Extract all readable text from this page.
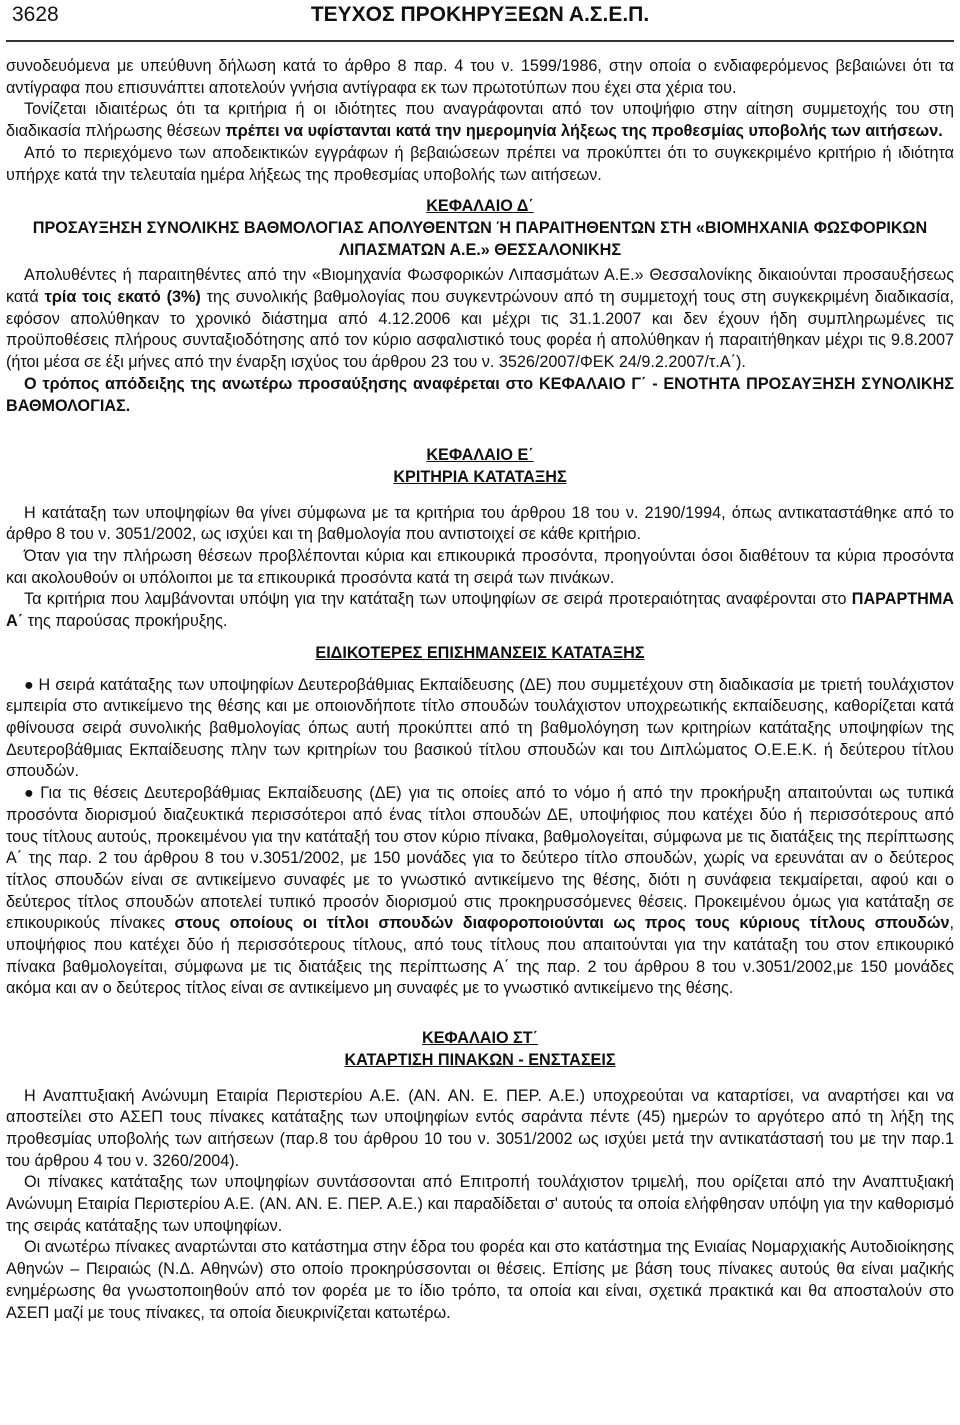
3628	ΤΕΥΧΟΣ ΠΡΟΚΗΡΥΞΕΩΝ Α.Σ.Ε.Π.

συνοδευόμενα με υπεύθυνη δήλωση κατά το άρθρο 8 παρ. 4 του ν. 1599/1986, στην οποία ο ενδιαφερόμενος βεβαιώνει ότι τα αντίγραφα που επισυνάπτει αποτελούν γνήσια αντίγραφα εκ των πρωτοτύπων που έχει στα χέρια του.

Τονίζεται ιδιαιτέρως ότι τα κριτήρια ή οι ιδιότητες που αναγράφονται από τον υποψήφιο στην αίτηση συμμετοχής του στη διαδικασία πλήρωσης θέσεων πρέπει να υφίστανται κατά την ημερομηνία λήξεως της προθεσμίας υποβολής των αιτήσεων.

Από το περιεχόμενο των αποδεικτικών εγγράφων ή βεβαιώσεων πρέπει να προκύπτει ότι το συγκεκριμένο κριτήριο ή ιδιότητα υπήρχε κατά την τελευταία ημέρα λήξεως της προθεσμίας υποβολής των αιτήσεων.

ΚΕΦΑΛΑΙΟ Δ΄

ΠΡΟΣΑΥΞΗΣΗ ΣΥΝΟΛΙΚΗΣ ΒΑΘΜΟΛΟΓΙΑΣ ΑΠΟΛΥΘΕΝΤΩΝ Ή ΠΑΡΑΙΤΗΘΕΝΤΩΝ ΣΤΗ «ΒΙΟΜΗΧΑΝΙΑ ΦΩΣΦΟΡΙΚΩΝ ΛΙΠΑΣΜΑΤΩΝ Α.Ε.» ΘΕΣΣΑΛΟΝΙΚΗΣ

Απολυθέντες ή παραιτηθέντες από την «Βιομηχανία Φωσφορικών Λιπασμάτων Α.Ε.» Θεσσαλονίκης δικαιούνται προσαυξήσεως κατά τρία τοις εκατό (3%) της συνολικής βαθμολογίας που συγκεντρώνουν από τη συμμετοχή τους στη συγκεκριμένη διαδικασία, εφόσον απολύθηκαν το χρονικό διάστημα από 4.12.2006 και μέχρι τις 31.1.2007 και δεν έχουν ήδη συμπληρωμένες τις προϋποθέσεις πλήρους συνταξιοδότησης από τον κύριο ασφαλιστικό τους φορέα ή απολύθηκαν ή παραιτήθηκαν μέχρι τις 9.8.2007 (ήτοι μέσα σε έξι μήνες από την έναρξη ισχύος του άρθρου 23 του ν. 3526/2007/ΦΕΚ 24/9.2.2007/τ.Α΄).

Ο τρόπος απόδειξης της ανωτέρω προσαύξησης αναφέρεται στο ΚΕΦΑΛΑΙΟ Γ΄ - ΕΝΟΤΗΤΑ ΠΡΟΣΑΥΞΗΣΗ ΣΥΝΟΛΙΚΗΣ ΒΑΘΜΟΛΟΓΙΑΣ.

ΚΕΦΑΛΑΙΟ Ε΄

ΚΡΙΤΗΡΙΑ ΚΑΤΑΤΑΞΗΣ

Η κατάταξη των υποψηφίων θα γίνει σύμφωνα με τα κριτήρια του άρθρου 18 του ν. 2190/1994, όπως αντικαταστάθηκε από το άρθρο 8 του ν. 3051/2002, ως ισχύει και τη βαθμολογία που αντιστοιχεί σε κάθε κριτήριο.

Όταν για την πλήρωση θέσεων προβλέπονται κύρια και επικουρικά προσόντα, προηγούνται όσοι διαθέτουν τα κύρια προσόντα και ακολουθούν οι υπόλοιποι με τα επικουρικά προσόντα κατά τη σειρά των πινάκων.

Τα κριτήρια που λαμβάνονται υπόψη για την κατάταξη των υποψηφίων σε σειρά προτεραιότητας αναφέρονται στο ΠΑΡΑΡΤΗΜΑ Α΄ της παρούσας προκήρυξης.

ΕΙΔΙΚΟΤΕΡΕΣ ΕΠΙΣΗΜΑΝΣΕΙΣ ΚΑΤΑΤΑΞΗΣ

● Η σειρά κατάταξης των υποψηφίων Δευτεροβάθμιας Εκπαίδευσης (ΔΕ) που συμμετέχουν στη διαδικασία με τριετή τουλάχιστον εμπειρία στο αντικείμενο της θέσης και με οποιονδήποτε τίτλο σπουδών τουλάχιστον υποχρεωτικής εκπαίδευσης, καθορίζεται κατά φθίνουσα σειρά συνολικής βαθμολογίας όπως αυτή προκύπτει από τη βαθμολόγηση των κριτηρίων κατάταξης υποψηφίων της Δευτεροβάθμιας Εκπαίδευσης πλην των κριτηρίων του βασικού τίτλου σπουδών και του Διπλώματος Ο.Ε.Ε.Κ. ή δεύτερου τίτλου σπουδών.

● Για τις θέσεις Δευτεροβάθμιας Εκπαίδευσης (ΔΕ) για τις οποίες από το νόμο ή από την προκήρυξη απαιτούνται ως τυπικά προσόντα διορισμού διαζευκτικά περισσότεροι από ένας τίτλοι σπουδών ΔΕ, υποψήφιος που κατέχει δύο ή περισσότερους από τους τίτλους αυτούς, προκειμένου για την κατάταξή του στον κύριο πίνακα, βαθμολογείται, σύμφωνα με τις διατάξεις της περίπτωσης Α΄ της παρ. 2 του άρθρου 8 του ν.3051/2002, με 150 μονάδες για το δεύτερο τίτλο σπουδών, χωρίς να ερευνάται αν ο δεύτερος τίτλος σπουδών είναι σε αντικείμενο συναφές με το γνωστικό αντικείμενο της θέσης, διότι η συνάφεια τεκμαίρεται, αφού και ο δεύτερος τίτλος σπουδών αποτελεί τυπικό προσόν διορισμού στις προκηρυσσόμενες θέσεις. Προκειμένου όμως για κατάταξη σε επικουρικούς πίνακες στους οποίους οι τίτλοι σπουδών διαφοροποιούνται ως προς τους κύριους τίτλους σπουδών, υποψήφιος που κατέχει δύο ή περισσότερους τίτλους, από τους τίτλους που απαιτούνται για την κατάταξη του στον επικουρικό πίνακα βαθμολογείται, σύμφωνα με τις διατάξεις της περίπτωσης Α΄ της παρ. 2 του άρθρου 8 του ν.3051/2002,με 150 μονάδες ακόμα και αν ο δεύτερος τίτλος είναι σε αντικείμενο μη συναφές με το γνωστικό αντικείμενο της θέσης.

ΚΕΦΑΛΑΙΟ ΣΤ΄

ΚΑΤΑΡΤΙΣΗ ΠΙΝΑΚΩΝ - ΕΝΣΤΑΣΕΙΣ

Η Αναπτυξιακή Ανώνυμη Εταιρία Περιστερίου Α.Ε. (ΑΝ. ΑΝ. Ε. ΠΕΡ. Α.Ε.) υποχρεούται να καταρτίσει, να αναρτήσει και να αποστείλει στο ΑΣΕΠ τους πίνακες κατάταξης των υποψηφίων εντός σαράντα πέντε (45) ημερών το αργότερο από τη λήξη της προθεσμίας υποβολής των αιτήσεων (παρ.8 του άρθρου 10 του ν. 3051/2002 ως ισχύει μετά την αντικατάστασή του με την παρ.1 του άρθρου 4 του ν. 3260/2004).

Οι πίνακες κατάταξης των υποψηφίων συντάσσονται από Επιτροπή τουλάχιστον τριμελή, που ορίζεται από την Αναπτυξιακή Ανώνυμη Εταιρία Περιστερίου Α.Ε. (ΑΝ. ΑΝ. Ε. ΠΕΡ. Α.Ε.) και παραδίδεται σ' αυτούς τα οποία ελήφθησαν υπόψη για την καθορισμό της σειράς κατάταξης των υποψηφίων.

Οι ανωτέρω πίνακες αναρτώνται στο κατάστημα στην έδρα του φορέα και στο κατάστημα της Ενιαίας Νομαρχιακής Αυτοδιοίκησης Αθηνών – Πειραιώς (Ν.Δ. Αθηνών) στο οποίο προκηρύσσονται οι θέσεις. Επίσης με βάση τους πίνακες αυτούς θα είναι μαζικής ενημέρωσης θα γνωστοποιηθούν από τον φορέα με το ίδιο τρόπο, τα οποία και είναι, σχετικά πρακτικά και θα αποσταλούν στο ΑΣΕΠ μαζί με τους πίνακες, τα οποία διευκρινίζεται κατωτέρω.
